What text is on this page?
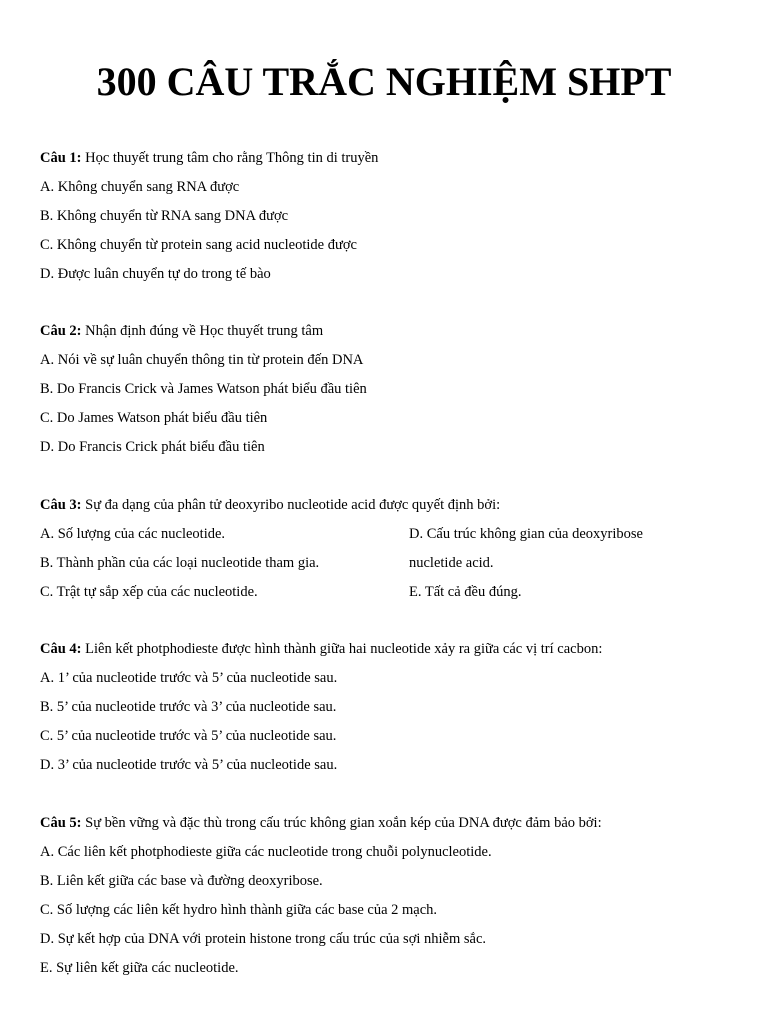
300 CÂU TRẮC NGHIỆM SHPT
Câu 1: Học thuyết trung tâm cho rằng Thông tin di truyền
A. Không chuyển sang RNA được
B. Không chuyển từ RNA sang DNA được
C. Không chuyển từ protein sang acid nucleotide được
D. Được luân chuyển tự do trong tế bào
Câu 2: Nhận định đúng về Học thuyết trung tâm
A. Nói về sự luân chuyển thông tin từ protein đến DNA
B. Do Francis Crick và James Watson phát biểu đầu tiên
C. Do James Watson phát biểu đầu tiên
D. Do Francis Crick phát biểu đầu tiên
Câu 3: Sự đa dạng của phân tử deoxyribo nucleotide acid được quyết định bởi:
A. Số lượng của các nucleotide.
B. Thành phần của các loại nucleotide tham gia.
C. Trật tự sắp xếp của các nucleotide.
D. Cấu trúc không gian của deoxyribose
nucletide acid.
E. Tất cả đều đúng.
Câu 4: Liên kết photphodieste được hình thành giữa hai nucleotide xảy ra giữa các vị trí cacbon:
A. 1’ của nucleotide trước và 5’ của nucleotide sau.
B. 5’ của nucleotide trước và 3’ của nucleotide sau.
C. 5’ của nucleotide trước và 5’ của nucleotide sau.
D. 3’ của nucleotide trước và 5’ của nucleotide sau.
Câu 5: Sự bền vững và đặc thù trong cấu trúc không gian xoắn kép của DNA được đảm bảo bởi:
A. Các liên kết photphodieste giữa các nucleotide trong chuỗi polynucleotide.
B. Liên kết giữa các base và đường deoxyribose.
C. Số lượng các liên kết hydro hình thành giữa các base của 2 mạch.
D. Sự kết hợp của DNA với protein histone trong cấu trúc của sợi nhiễm sắc.
E. Sự liên kết giữa các nucleotide.
